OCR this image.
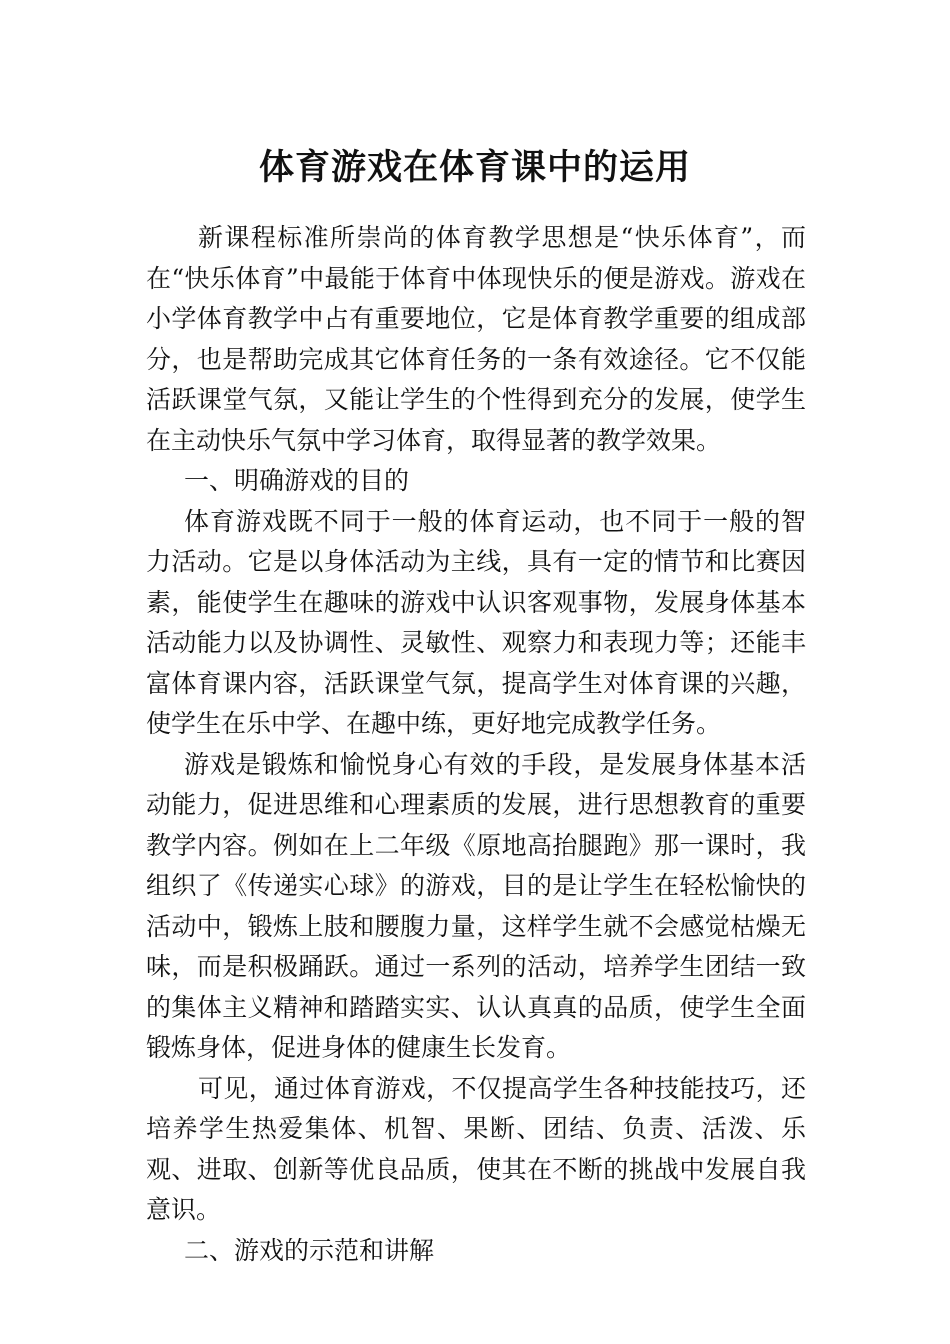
体育游戏在体育课中的运用

新课程标准所崇尚的体育教学思想是“快乐体育”，而在“快乐体育”中最能于体育中体现快乐的便是游戏。游戏在小学体育教学中占有重要地位，它是体育教学重要的组成部分，也是帮助完成其它体育任务的一条有效途径。它不仅能活跃课堂气氛，又能让学生的个性得到充分的发展，使学生在主动快乐气氛中学习体育，取得显著的教学效果。

一、明确游戏的目的

体育游戏既不同于一般的体育运动，也不同于一般的智力活动。它是以身体活动为主线，具有一定的情节和比赛因素，能使学生在趣味的游戏中认识客观事物，发展身体基本活动能力以及协调性、灵敏性、观察力和表现力等；还能丰富体育课内容，活跃课堂气氛，提高学生对体育课的兴趣，使学生在乐中学、在趣中练，更好地完成教学任务。

游戏是锻炼和愉悦身心有效的手段，是发展身体基本活动能力，促进思维和心理素质的发展，进行思想教育的重要教学内容。例如在上二年级《原地高抬腿跑》那一课时，我组织了《传递实心球》的游戏，目的是让学生在轻松愉快的活动中，锻炼上肢和腰腹力量，这样学生就不会感觉枯燥无味，而是积极踊跃。通过一系列的活动，培养学生团结一致的集体主义精神和踏踏实实、认认真真的品质，使学生全面锻炼身体，促进身体的健康生长发育。

可见，通过体育游戏，不仅提高学生各种技能技巧，还培养学生热爱集体、机智、果断、团结、负责、活泼、乐观、进取、创新等优良品质，使其在不断的挑战中发展自我意识。

二、游戏的示范和讲解
